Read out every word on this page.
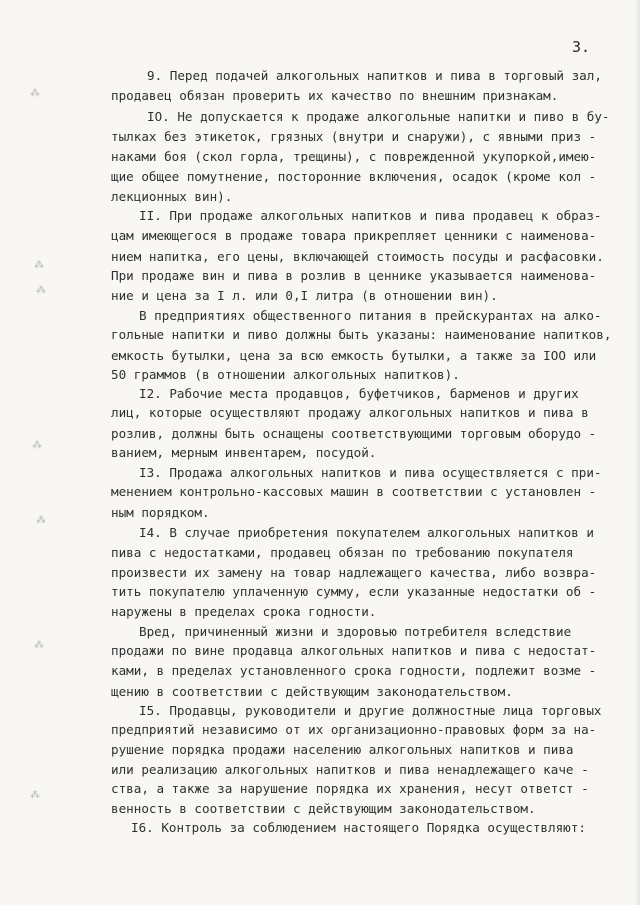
3.
⁂
⁂
⁂
⁂
⁂
⁂
⁂
9. Перед подачей алкогольных напитков и пива в торговый зал,
продавец обязан проверить их качество по внешним признакам.
IO. Не допускается к продаже алкогольные напитки и пиво в бу-
тылках без этикеток, грязных (внутри и снаружи), с явными приз -
наками боя (скол горла, трещины), с поврежденной укупоркой,имею-
щие общее помутнение, посторонние включения, осадок (кроме кол -
лекционных вин).
II. При продаже алкогольных напитков и пива продавец к образ-
цам имеющегося в продаже товара прикрепляет ценники с наименова-
нием напитка, его цены, включающей стоимость посуды и расфасовки.
При продаже вин и пива в розлив в ценнике указывается наименова-
ние и цена за I л. или 0,I литра (в отношении вин).
В предприятиях общественного питания в прейскурантах на алко-
гольные напитки и пиво должны быть указаны: наименование напитков,
емкость бутылки, цена за всю емкость бутылки, а также за IOO или
50 граммов (в отношении алкогольных напитков).
I2. Рабочие места продавцов, буфетчиков, барменов и других
лиц, которые осуществляют продажу алкогольных напитков и пива в
розлив, должны быть оснащены соответствующими торговым оборудо -
ванием, мерным инвентарем, посудой.
I3. Продажа алкогольных напитков и пива осуществляется с при-
менением контрольно-кассовых машин в соответствии с установлен -
ным порядком.
I4. В случае приобретения покупателем алкогольных напитков и
пива с недостатками, продавец обязан по требованию покупателя
произвести их замену на товар надлежащего качества, либо возвра-
тить покупателю уплаченную сумму, если указанные недостатки об -
наружены в пределах срока годности.
Вред, причиненный жизни и здоровью потребителя вследствие
продажи по вине продавца алкогольных напитков и пива с недостат-
ками, в пределах установленного срока годности, подлежит возме -
щению в соответствии с действующим законодательством.
I5. Продавцы, руководители и другие должностные лица торговых
предприятий независимо от их организационно-правовых форм за на-
рушение порядка продажи населению алкогольных напитков и пива
или реализацию алкогольных напитков и пива ненадлежащего каче -
ства, а также за нарушение порядка их хранения, несут ответст -
венность в соответствии с действующим законодательством.
I6. Контроль за соблюдением настоящего Порядка осуществляют:
